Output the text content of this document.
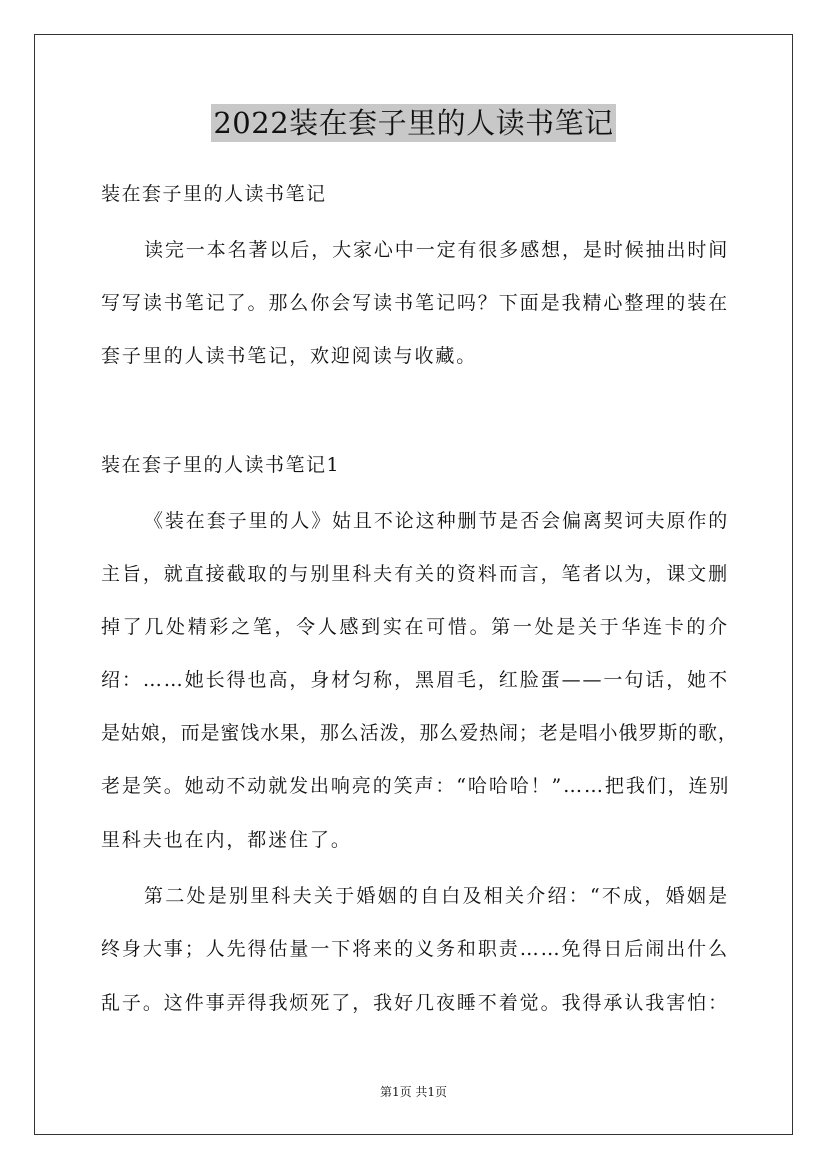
2022装在套子里的人读书笔记
装在套子里的人读书笔记
读完一本名著以后，大家心中一定有很多感想，是时候抽出时间
写写读书笔记了。那么你会写读书笔记吗？下面是我精心整理的装在
套子里的人读书笔记，欢迎阅读与收藏。
装在套子里的人读书笔记1
《装在套子里的人》姑且不论这种删节是否会偏离契诃夫原作的
主旨，就直接截取的与别里科夫有关的资料而言，笔者以为，课文删
掉了几处精彩之笔，令人感到实在可惜。第一处是关于华连卡的介
绍：……她长得也高，身材匀称，黑眉毛，红脸蛋——一句话，她不
是姑娘，而是蜜饯水果，那么活泼，那么爱热闹；老是唱小俄罗斯的歌，
老是笑。她动不动就发出响亮的笑声：“哈哈哈！”……把我们，连别
里科夫也在内，都迷住了。
第二处是别里科夫关于婚姻的自白及相关介绍：“不成，婚姻是
终身大事；人先得估量一下将来的义务和职责……免得日后闹出什么
乱子。这件事弄得我烦死了，我好几夜睡不着觉。我得承认我害怕：
第1页 共1页
